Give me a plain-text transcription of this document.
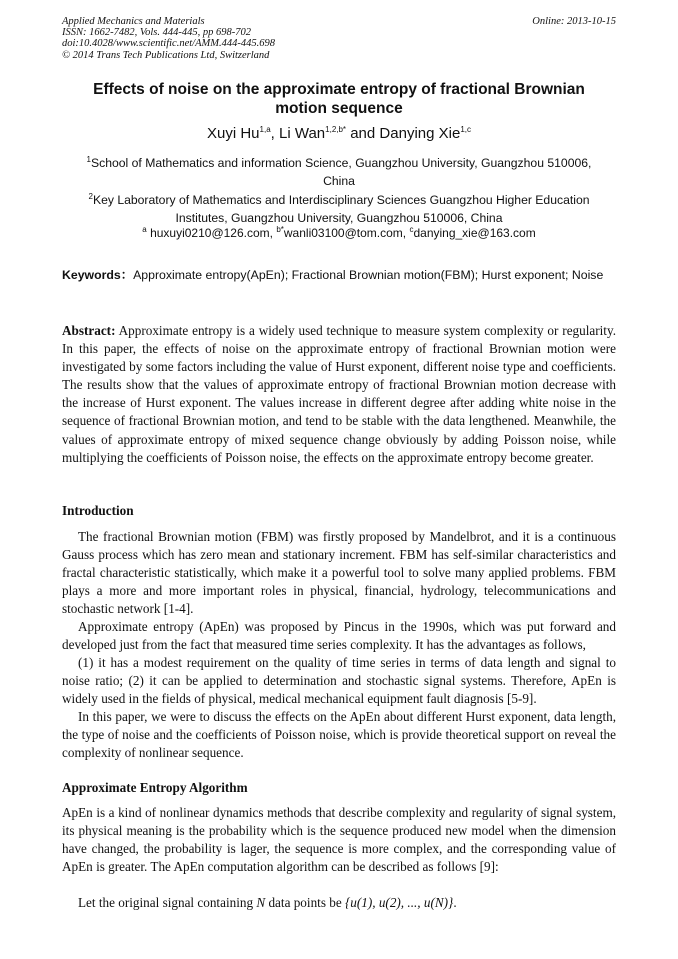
Applied Mechanics and Materials
ISSN: 1662-7482, Vols. 444-445, pp 698-702
doi:10.4028/www.scientific.net/AMM.444-445.698
© 2014 Trans Tech Publications Ltd, Switzerland
Online: 2013-10-15
Effects of noise on the approximate entropy of fractional Brownian
motion sequence
Xuyi Hu$^{1,a}$, Li Wan$^{1,2,b*}$ and Danying Xie$^{1,c}$
$^1$School of Mathematics and information Science, Guangzhou University, Guangzhou 510006,
China
$^2$Key Laboratory of Mathematics and Interdisciplinary Sciences Guangzhou Higher Education
Institutes, Guangzhou University, Guangzhou 510006, China
$^a$ huxuyi0210@126.com, $^{b*}$wanli03100@tom.com, $^c$danying_xie@163.com
Keywords：Approximate entropy(ApEn); Fractional Brownian motion(FBM); Hurst exponent; Noise

Abstract: Approximate entropy is a widely used technique to measure system complexity or regularity. In this paper, the effects of noise on the approximate entropy of fractional Brownian motion were investigated by some factors including the value of Hurst exponent, different noise type and coefficients. The results show that the values of approximate entropy of fractional Brownian motion decrease with the increase of Hurst exponent. The values increase in different degree after adding white noise in the sequence of fractional Brownian motion, and tend to be stable with the data lengthened. Meanwhile, the values of approximate entropy of mixed sequence change obviously by adding Poisson noise, while multiplying the coefficients of Poisson noise, the effects on the approximate entropy become greater.

Introduction

The fractional Brownian motion (FBM) was firstly proposed by Mandelbrot, and it is a continuous Gauss process which has zero mean and stationary increment. FBM has self-similar characteristics and fractal characteristic statistically, which make it a powerful tool to solve many applied problems. FBM plays a more and more important roles in physical, financial, hydrology, telecommunications and stochastic network [1-4].

Approximate entropy (ApEn) was proposed by Pincus in the 1990s, which was put forward and developed just from the fact that measured time series complexity. It has the advantages as follows,

(1) it has a modest requirement on the quality of time series in terms of data length and signal to noise ratio; (2) it can be applied to determination and stochastic signal systems. Therefore, ApEn is widely used in the fields of physical, medical mechanical equipment fault diagnosis [5-9].

In this paper, we were to discuss the effects on the ApEn about different Hurst exponent, data length, the type of noise and the coefficients of Poisson noise, which is provide theoretical support on reveal the complexity of nonlinear sequence.

Approximate Entropy Algorithm

ApEn is a kind of nonlinear dynamics methods that describe complexity and regularity of signal system, its physical meaning is the probability which is the sequence produced new model when the dimension have changed, the probability is lager, the sequence is more complex, and the corresponding value of ApEn is greater. The ApEn computation algorithm can be described as follows [9]:

Let the original signal containing N data points be {u(1), u(2), ..., u(N)}.
